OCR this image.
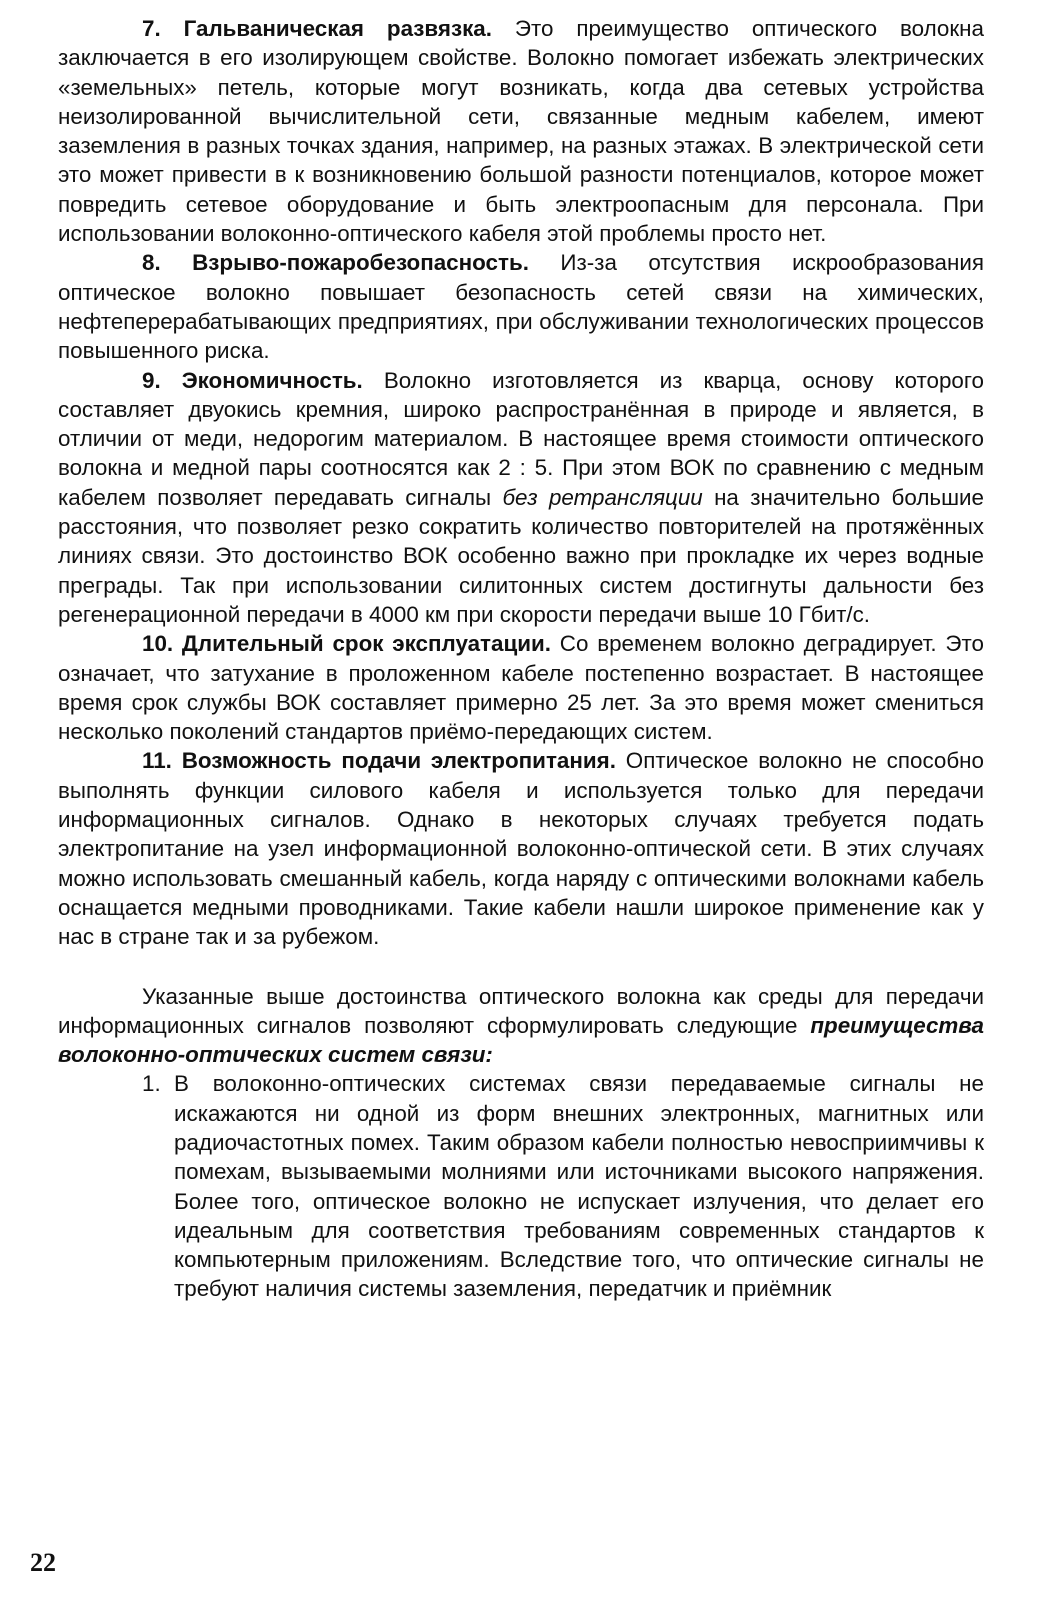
7. Гальваническая развязка. Это преимущество оптического волокна заключается в его изолирующем свойстве. Волокно помогает избежать электрических «земельных» петель, которые могут возникать, когда два сетевых устройства неизолированной вычислительной сети, связанные медным кабелем, имеют заземления в разных точках здания, например, на разных этажах. В электрической сети это может привести в к возникновению большой разности потенциалов, которое может повредить сетевое оборудование и быть электроопасным для персонала. При использовании волоконно-оптического кабеля этой проблемы просто нет.

8. Взрыво-пожаробезопасность. Из-за отсутствия искрообразования оптическое волокно повышает безопасность сетей связи на химических, нефтеперерабатывающих предприятиях, при обслуживании технологических процессов повышенного риска.

9. Экономичность. Волокно изготовляется из кварца, основу которого составляет двуокись кремния, широко распространённая в природе и является, в отличии от меди, недорогим материалом. В настоящее время стоимости оптического волокна и медной пары соотносятся как 2 : 5. При этом ВОК по сравнению с медным кабелем позволяет передавать сигналы без ретрансляции на значительно большие расстояния, что позволяет резко сократить количество повторителей на протяжённых линиях связи. Это достоинство ВОК особенно важно при прокладке их через водные преграды. Так при использовании силитонных систем достигнуты дальности без регенерационной передачи в 4000 км при скорости передачи выше 10 Гбит/с.

10. Длительный срок эксплуатации. Со временем волокно деградирует. Это означает, что затухание в проложенном кабеле постепенно возрастает. В настоящее время срок службы ВОК составляет примерно 25 лет. За это время может смениться несколько поколений стандартов приёмо-передающих систем.

11. Возможность подачи электропитания. Оптическое волокно не способно выполнять функции силового кабеля и используется только для передачи информационных сигналов. Однако в некоторых случаях требуется подать электропитание на узел информационной волоконно-оптической сети. В этих случаях можно использовать смешанный кабель, когда наряду с оптическими волокнами кабель оснащается медными проводниками. Такие кабели нашли широкое применение как у нас в стране так и за рубежом.

Указанные выше достоинства оптического волокна как среды для передачи информационных сигналов позволяют сформулировать следующие преимущества волоконно-оптических систем связи:

1. В волоконно-оптических системах связи передаваемые сигналы не искажаются ни одной из форм внешних электронных, магнитных или радиочастотных помех. Таким образом кабели полностью невосприимчивы к помехам, вызываемыми молниями или источниками высокого напряжения. Более того, оптическое волокно не испускает излучения, что делает его идеальным для соответствия требованиям современных стандартов к компьютерным приложениям. Вследствие того, что оптические сигналы не требуют наличия системы заземления, передатчик и приёмник
22
